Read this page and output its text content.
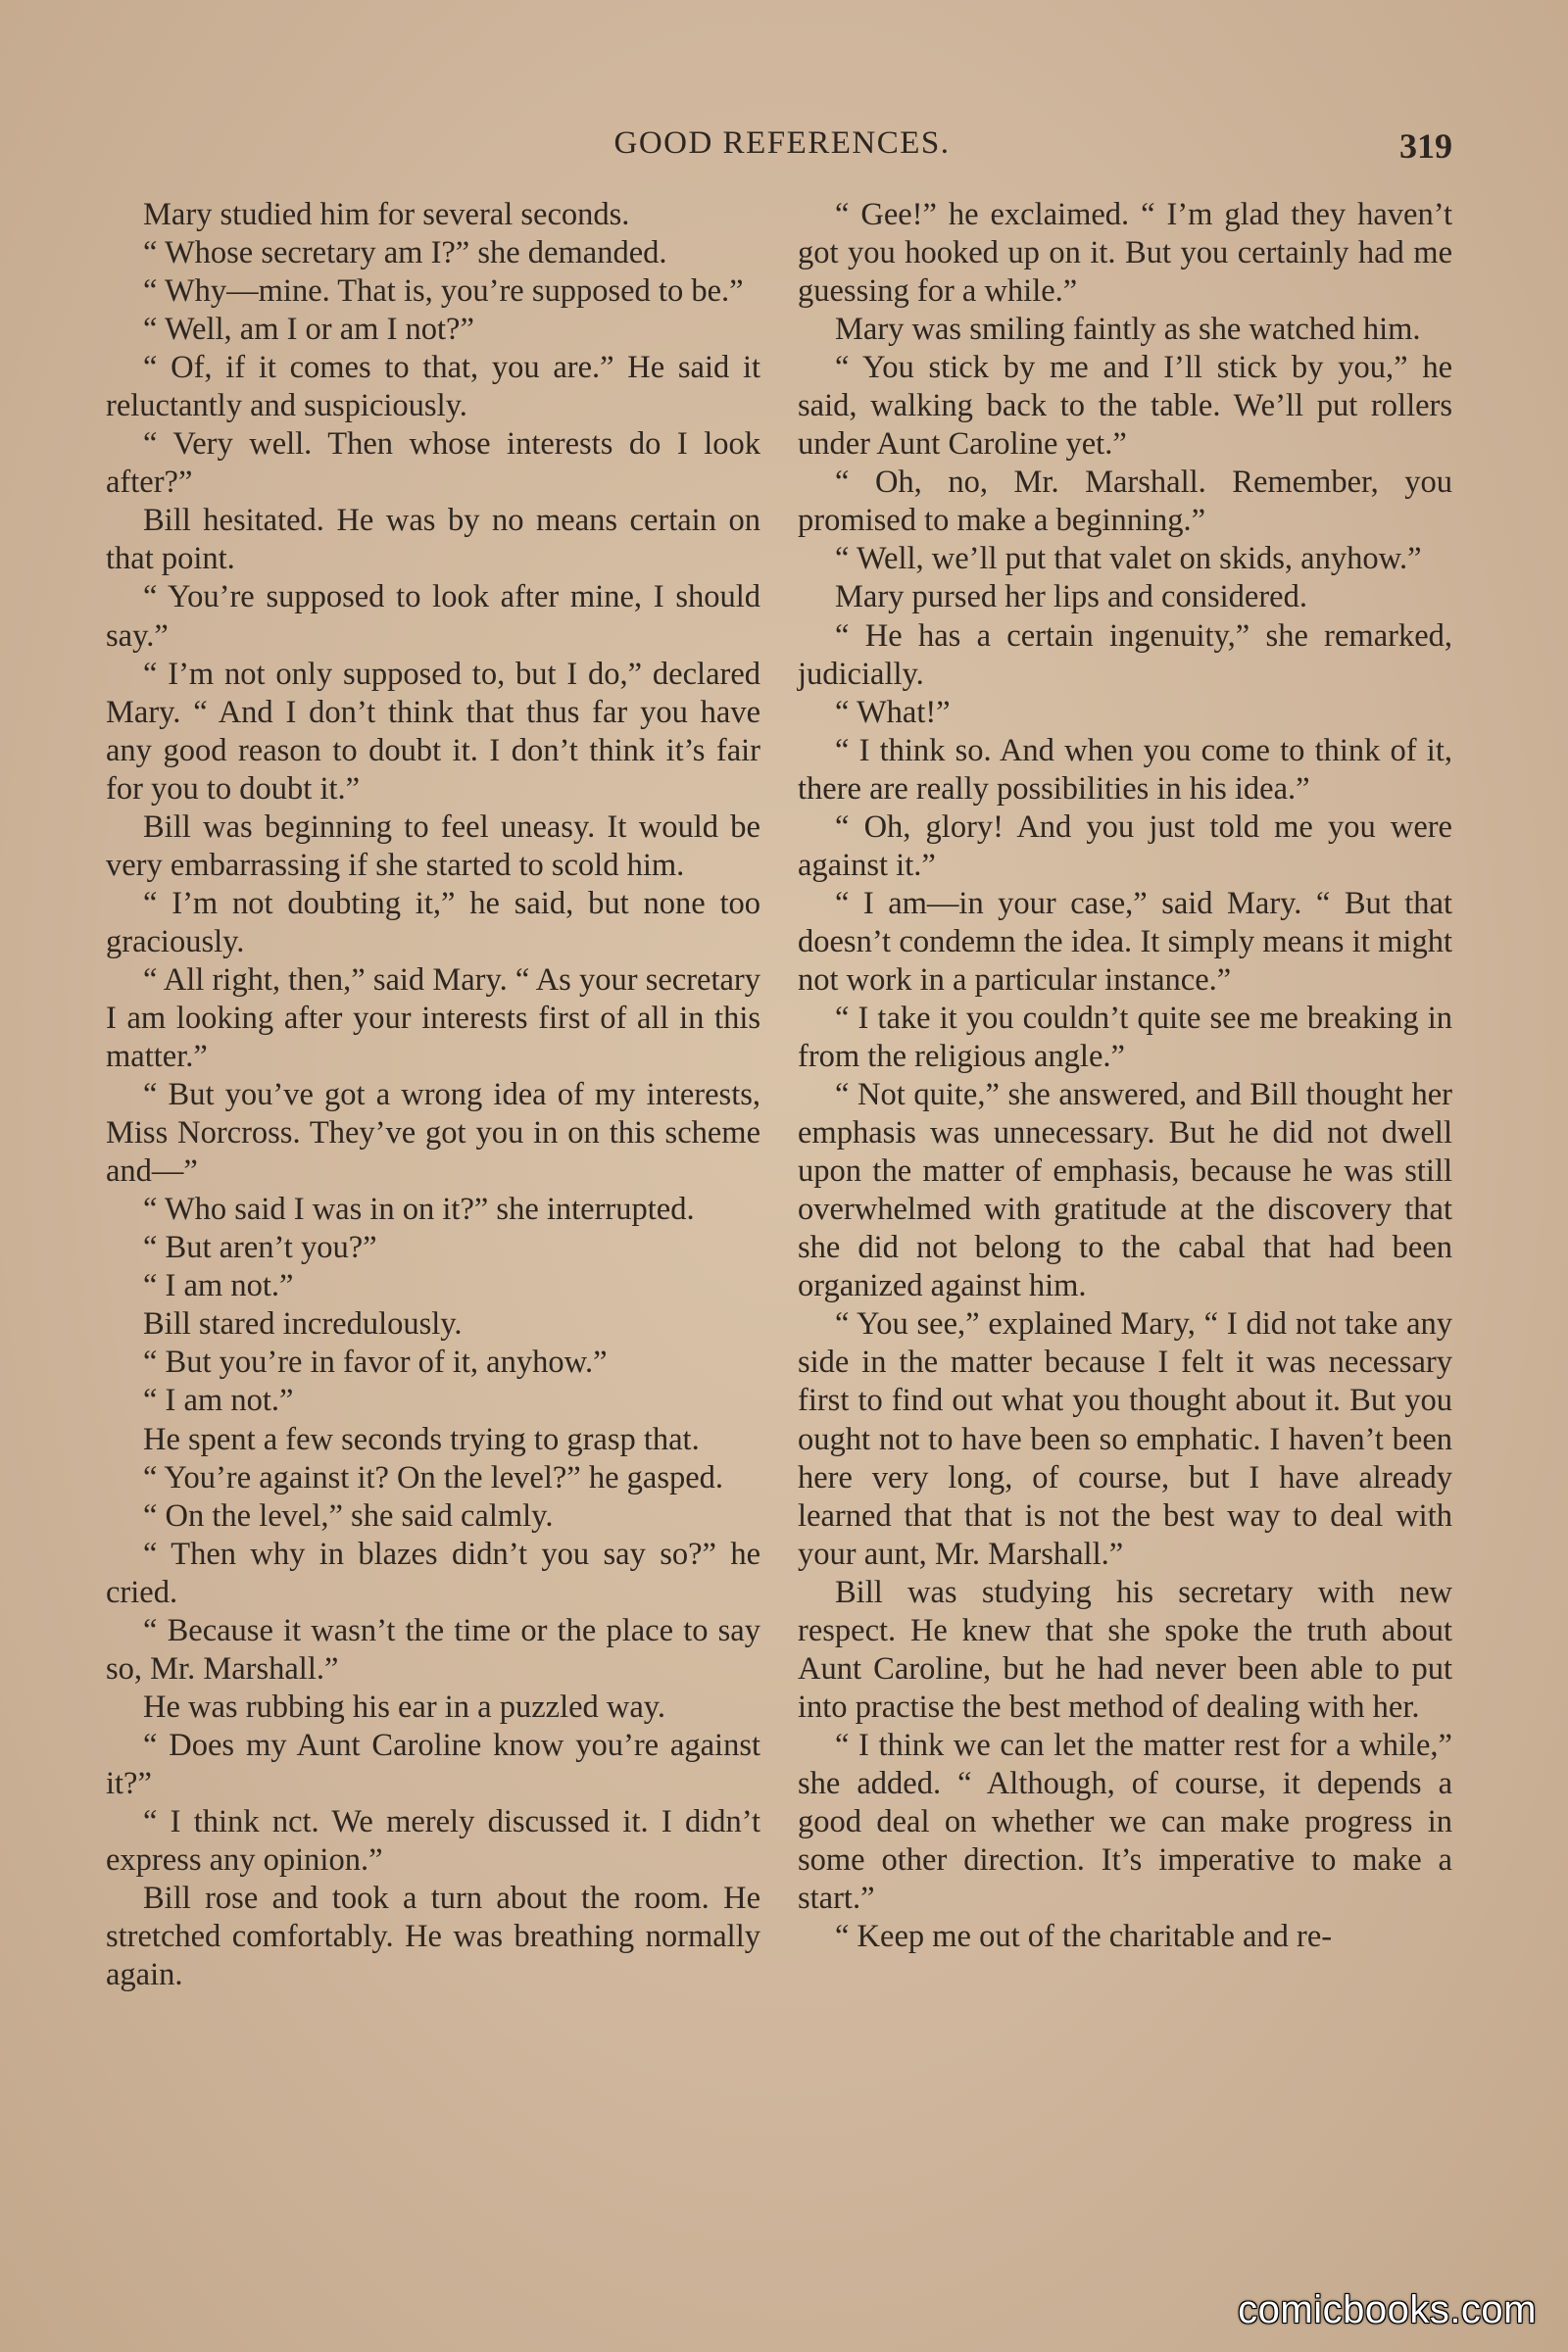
GOOD REFERENCES.	319

Mary studied him for several seconds.

“ Whose secretary am I?” she demanded.

“ Why—mine. That is, you’re supposed to be.”

“ Well, am I or am I not?”

“ Of, if it comes to that, you are.” He said it reluctantly and suspiciously.

“ Very well. Then whose interests do I look after?”

Bill hesitated. He was by no means certain on that point.

“ You’re supposed to look after mine, I should say.”

“ I’m not only supposed to, but I do,” declared Mary. “ And I don’t think that thus far you have any good reason to doubt it. I don’t think it’s fair for you to doubt it.”

Bill was beginning to feel uneasy. It would be very embarrassing if she started to scold him.

“ I’m not doubting it,” he said, but none too graciously.

“ All right, then,” said Mary. “ As your secretary I am looking after your interests first of all in this matter.”

“ But you’ve got a wrong idea of my interests, Miss Norcross. They’ve got you in on this scheme and—”

“ Who said I was in on it?” she interrupted.

“ But aren’t you?”

“ I am not.”

Bill stared incredulously.

“ But you’re in favor of it, anyhow.”

“ I am not.”

He spent a few seconds trying to grasp that.

“ You’re against it? On the level?” he gasped.

“ On the level,” she said calmly.

“ Then why in blazes didn’t you say so?” he cried.

“ Because it wasn’t the time or the place to say so, Mr. Marshall.”

He was rubbing his ear in a puzzled way.

“ Does my Aunt Caroline know you’re against it?”

“ I think nct. We merely discussed it. I didn’t express any opinion.”

Bill rose and took a turn about the room. He stretched comfortably. He was breathing normally again.

“ Gee!” he exclaimed. “ I’m glad they haven’t got you hooked up on it. But you certainly had me guessing for a while.”

Mary was smiling faintly as she watched him.

“ You stick by me and I’ll stick by you,” he said, walking back to the table. We’ll put rollers under Aunt Caroline yet.”

“ Oh, no, Mr. Marshall. Remember, you promised to make a beginning.”

“ Well, we’ll put that valet on skids, anyhow.”

Mary pursed her lips and considered.

“ He has a certain ingenuity,” she remarked, judicially.

“ What!”

“ I think so. And when you come to think of it, there are really possibilities in his idea.”

“ Oh, glory! And you just told me you were against it.”

“ I am—in your case,” said Mary. “ But that doesn’t condemn the idea. It simply means it might not work in a particular instance.”

“ I take it you couldn’t quite see me breaking in from the religious angle.”

“ Not quite,” she answered, and Bill thought her emphasis was unnecessary. But he did not dwell upon the matter of emphasis, because he was still overwhelmed with gratitude at the discovery that she did not belong to the cabal that had been organized against him.

“ You see,” explained Mary, “ I did not take any side in the matter because I felt it was necessary first to find out what you thought about it. But you ought not to have been so emphatic. I haven’t been here very long, of course, but I have already learned that that is not the best way to deal with your aunt, Mr. Marshall.”

Bill was studying his secretary with new respect. He knew that she spoke the truth about Aunt Caroline, but he had never been able to put into practise the best method of dealing with her.

“ I think we can let the matter rest for a while,” she added. “ Although, of course, it depends a good deal on whether we can make progress in some other direction. It’s imperative to make a start.”

“ Keep me out of the charitable and re-

comicbooks.com
